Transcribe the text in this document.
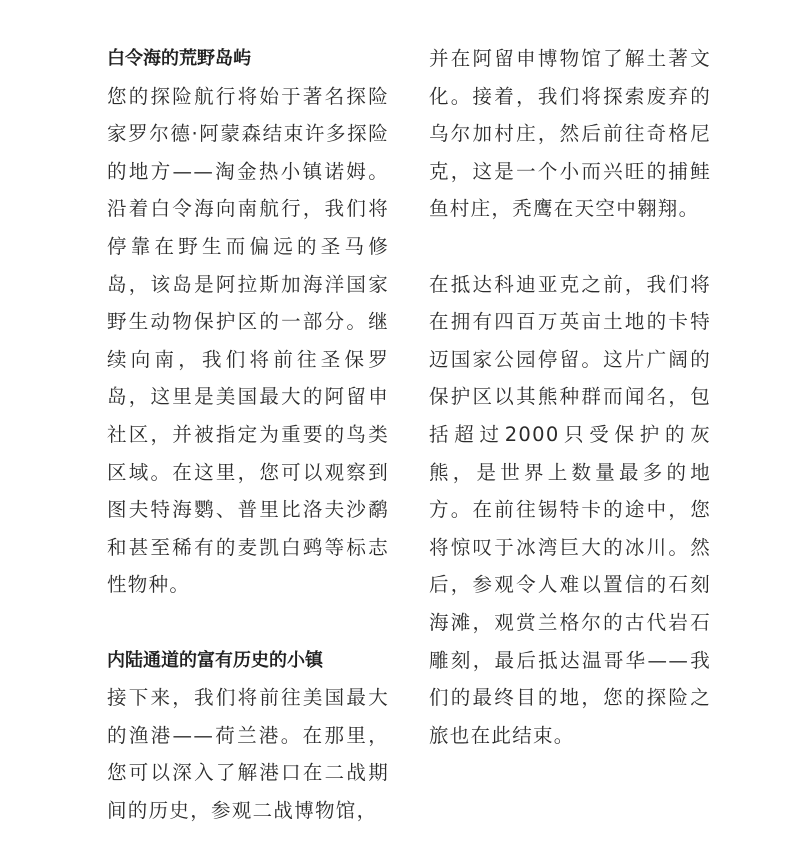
白令海的荒野岛屿

您的探险航行将始于著名探险家罗尔德·阿蒙森结束许多探险的地方——淘金热小镇诺姆。沿着白令海向南航行，我们将停靠在野生而偏远的圣马修岛，该岛是阿拉斯加海洋国家野生动物保护区的一部分。继续向南，我们将前往圣保罗岛，这里是美国最大的阿留申社区，并被指定为重要的鸟类区域。在这里，您可以观察到图夫特海鹦、普里比洛夫沙鹬和甚至稀有的麦凯白鹀等标志性物种。

内陆通道的富有历史的小镇

接下来，我们将前往美国最大的渔港——荷兰港。在那里，您可以深入了解港口在二战期间的历史，参观二战博物馆，

并在阿留申博物馆了解土著文化。接着，我们将探索废弃的乌尔加村庄，然后前往奇格尼克，这是一个小而兴旺的捕鲑鱼村庄，秃鹰在天空中翱翔。

在抵达科迪亚克之前，我们将在拥有四百万英亩土地的卡特迈国家公园停留。这片广阔的保护区以其熊种群而闻名，包括超过2000只受保护的灰熊，是世界上数量最多的地方。在前往锡特卡的途中，您将惊叹于冰湾巨大的冰川。然后，参观令人难以置信的石刻海滩，观赏兰格尔的古代岩石雕刻，最后抵达温哥华——我们的最终目的地，您的探险之旅也在此结束。
